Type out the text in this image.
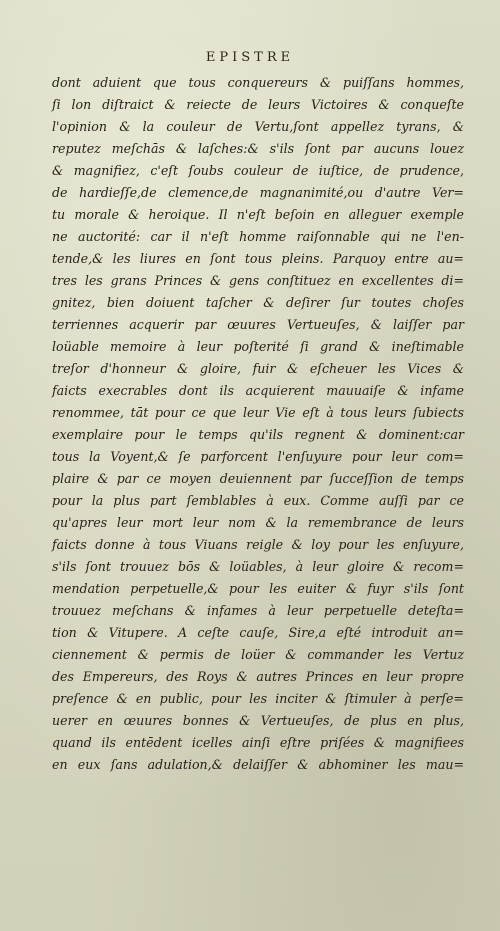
EPISTRE
dont aduient que tous conquereurs & puiſſans hommes,
ſi lon diſtraict & reiecte de leurs Victoires & conqueſte
l'opinion & la couleur de Vertu,ſont appellez tyrans, &
reputez meſchās & laſches:& s'ils ſont par aucuns louez
& magnifiez, c'eſt ſoubs couleur de iuſtice, de prudence,
de hardieſſe,de clemence,de magnanimité,ou d'autre Ver=
tu morale & heroique. Il n'eſt beſoin en alleguer exemple
ne auctorité: car il n'eſt homme raiſonnable qui ne l'en-
tende,& les liures en ſont tous pleins. Parquoy entre au=
tres les grans Princes & gens conſtituez en excellentes di=
gnitez, bien doiuent taſcher & deſirer ſur toutes choſes
terriennes acquerir par œuures Vertueuſes, & laiſſer par
loüable memoire à leur poſterité ſi grand & ineſtimable
treſor d'honneur & gloire, fuir & eſcheuer les Vices &
faicts execrables dont ils acquierent mauuaiſe & infame
renommee, tāt pour ce que leur Vie eſt à tous leurs ſubiects
exemplaire pour le temps qu'ils regnent & dominent:car
tous la Voyent,& ſe parforcent l'enſuyure pour leur com=
plaire & par ce moyen deuiennent par ſucceſſion de temps
pour la plus part ſemblables à eux. Comme auſſi par ce
qu'apres leur mort leur nom & la remembrance de leurs
faicts donne à tous Viuans reigle & loy pour les enſuyure,
s'ils ſont trouuez bōs & loüables, à leur gloire & recom=
mendation perpetuelle,& pour les euiter & fuyr s'ils ſont
trouuez meſchans & infames à leur perpetuelle deteſta=
tion & Vitupere. A ceſte cauſe, Sire,a eſté introduit an=
ciennement & permis de loüer & commander les Vertuz
des Empereurs, des Roys & autres Princes en leur propre
preſence & en public, pour les inciter & ſtimuler à perſe=
uerer en œuures bonnes & Vertueuſes, de plus en plus,
quand ils entēdent icelles ainſi eſtre priſées & magnifiees
en eux ſans adulation,& delaiſſer & abhominer les mau=
